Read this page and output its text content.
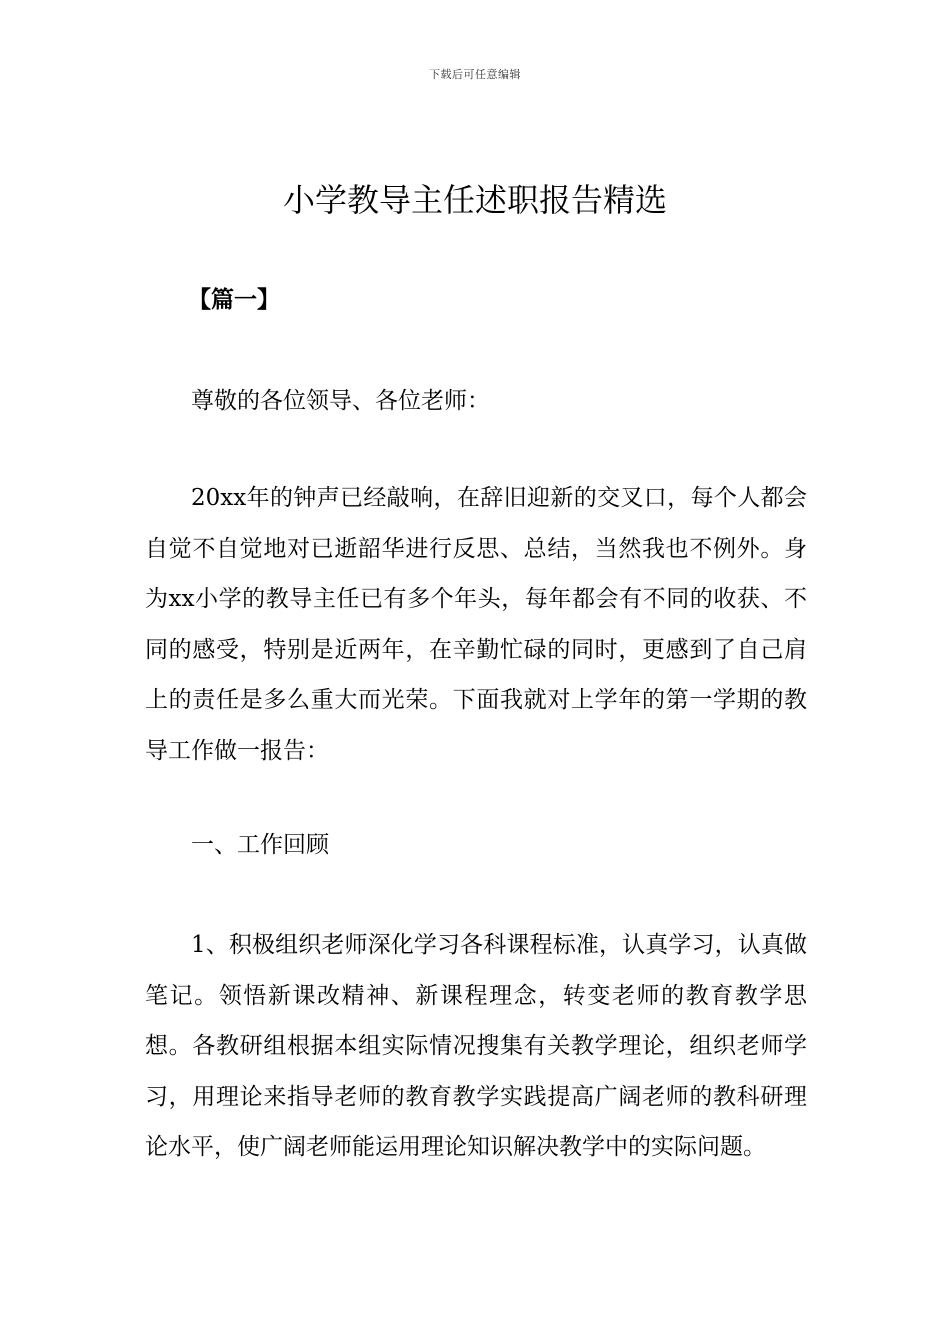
下载后可任意编辑
小学教导主任述职报告精选

【篇一】

尊敬的各位领导、各位老师：

20xx年的钟声已经敲响，在辞旧迎新的交叉口，每个人都会自觉不自觉地对已逝韶华进行反思、总结，当然我也不例外。身为xx小学的教导主任已有多个年头，每年都会有不同的收获、不同的感受，特别是近两年，在辛勤忙碌的同时，更感到了自己肩上的责任是多么重大而光荣。下面我就对上学年的第一学期的教导工作做一报告：

一、工作回顾

1、积极组织老师深化学习各科课程标准，认真学习，认真做笔记。领悟新课改精神、新课程理念，转变老师的教育教学思想。各教研组根据本组实际情况搜集有关教学理论，组织老师学习，用理论来指导老师的教育教学实践提高广阔老师的教科研理论水平，使广阔老师能运用理论知识解决教学中的实际问题。
